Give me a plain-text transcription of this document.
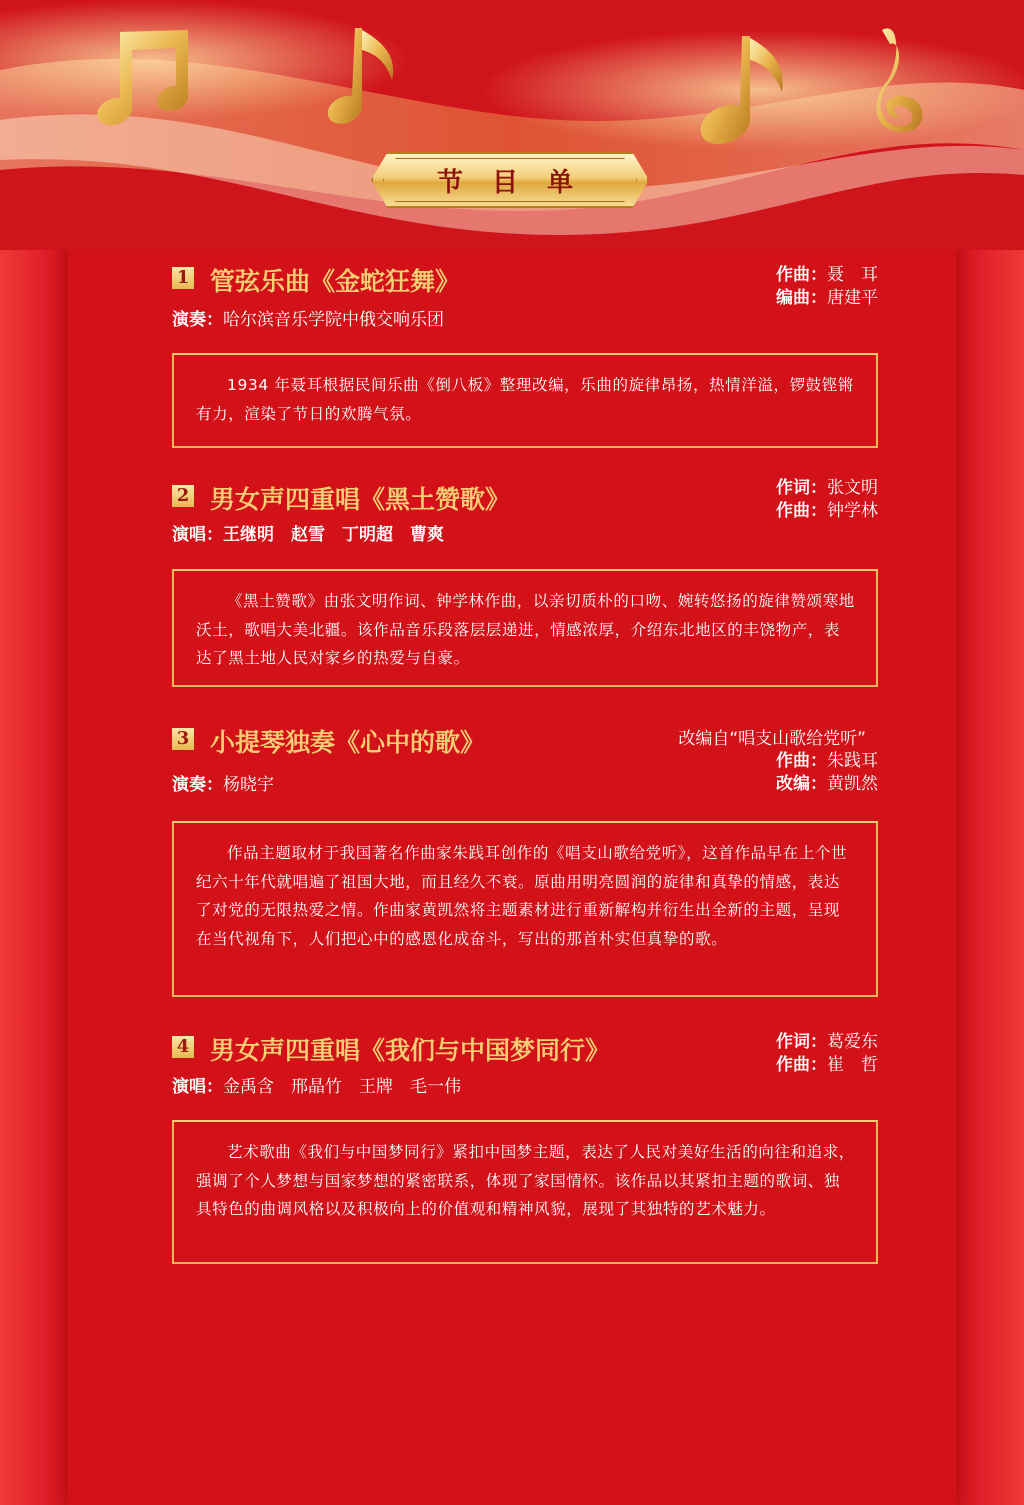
节 目 单
1 管弦乐曲《金蛇狂舞》
演奏：哈尔滨音乐学院中俄交响乐团
作曲：聂　耳
编曲：唐建平
1934 年聂耳根据民间乐曲《倒八板》整理改编，乐曲的旋律昂扬，热情洋溢，锣鼓铿锵有力，渲染了节日的欢腾气氛。
2 男女声四重唱《黑土赞歌》
演唱：王继明　赵雪　丁明超　曹爽
作词：张文明
作曲：钟学林
《黑土赞歌》由张文明作词、钟学林作曲，以亲切质朴的口吻、婉转悠扬的旋律赞颂寒地沃土，歌唱大美北疆。该作品音乐段落层层递进，情感浓厚，介绍东北地区的丰饶物产，表达了黑土地人民对家乡的热爱与自豪。
3 小提琴独奏《心中的歌》
演奏：杨晓宇
改编自“唱支山歌给党听”
作曲：朱践耳
改编：黄凯然
作品主题取材于我国著名作曲家朱践耳创作的《唱支山歌给党听》，这首作品早在上个世纪六十年代就唱遍了祖国大地，而且经久不衰。原曲用明亮圆润的旋律和真挚的情感，表达了对党的无限热爱之情。作曲家黄凯然将主题素材进行重新解构并衍生出全新的主题，呈现在当代视角下，人们把心中的感恩化成奋斗，写出的那首朴实但真挚的歌。
4 男女声四重唱《我们与中国梦同行》
演唱：金禹含　邢晶竹　王牌　毛一伟
作词：葛爱东
作曲：崔　哲
艺术歌曲《我们与中国梦同行》紧扣中国梦主题，表达了人民对美好生活的向往和追求，强调了个人梦想与国家梦想的紧密联系，体现了家国情怀。该作品以其紧扣主题的歌词、独具特色的曲调风格以及积极向上的价值观和精神风貌，展现了其独特的艺术魅力。
